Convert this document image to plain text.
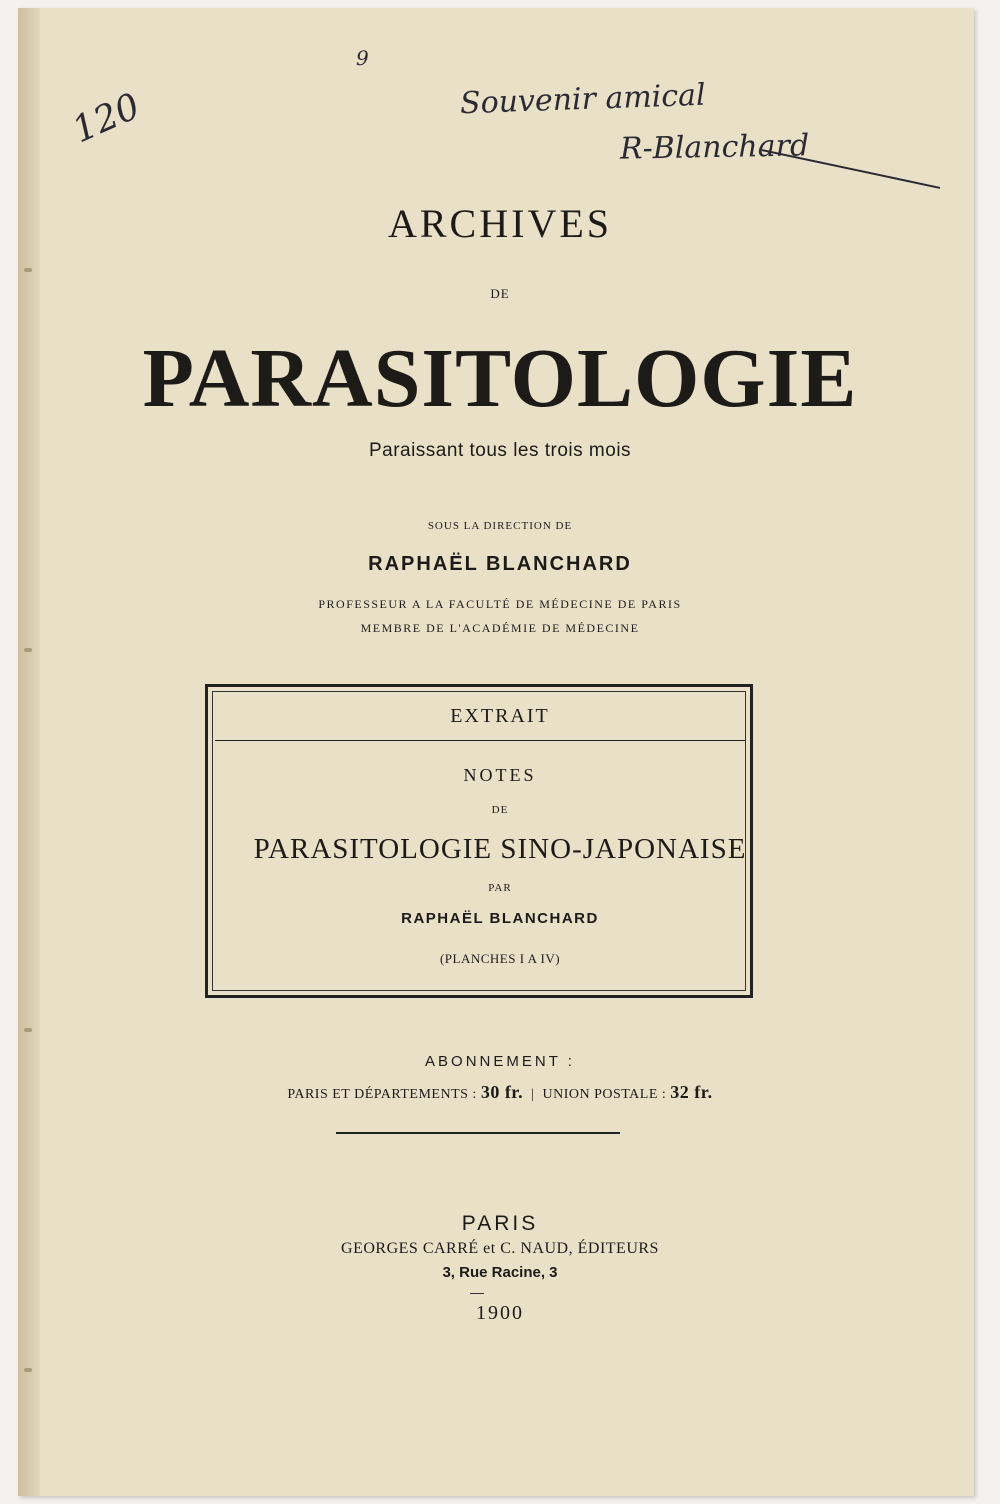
120
9
Souvenir amical
R-Blanchard
ARCHIVES
DE
PARASITOLOGIE
Paraissant tous les trois mois
SOUS LA DIRECTION DE
RAPHAËL BLANCHARD
PROFESSEUR A LA FACULTÉ DE MÉDECINE DE PARIS
MEMBRE DE L'ACADÉMIE DE MÉDECINE
EXTRAIT
NOTES
DE
PARASITOLOGIE SINO-JAPONAISE
PAR
RAPHAËL BLANCHARD
(PLANCHES I A IV)
ABONNEMENT :
PARIS ET DÉPARTEMENTS : 30 fr. | UNION POSTALE : 32 fr.
PARIS
GEORGES CARRÉ et C. NAUD, ÉDITEURS
3, Rue Racine, 3
1900
